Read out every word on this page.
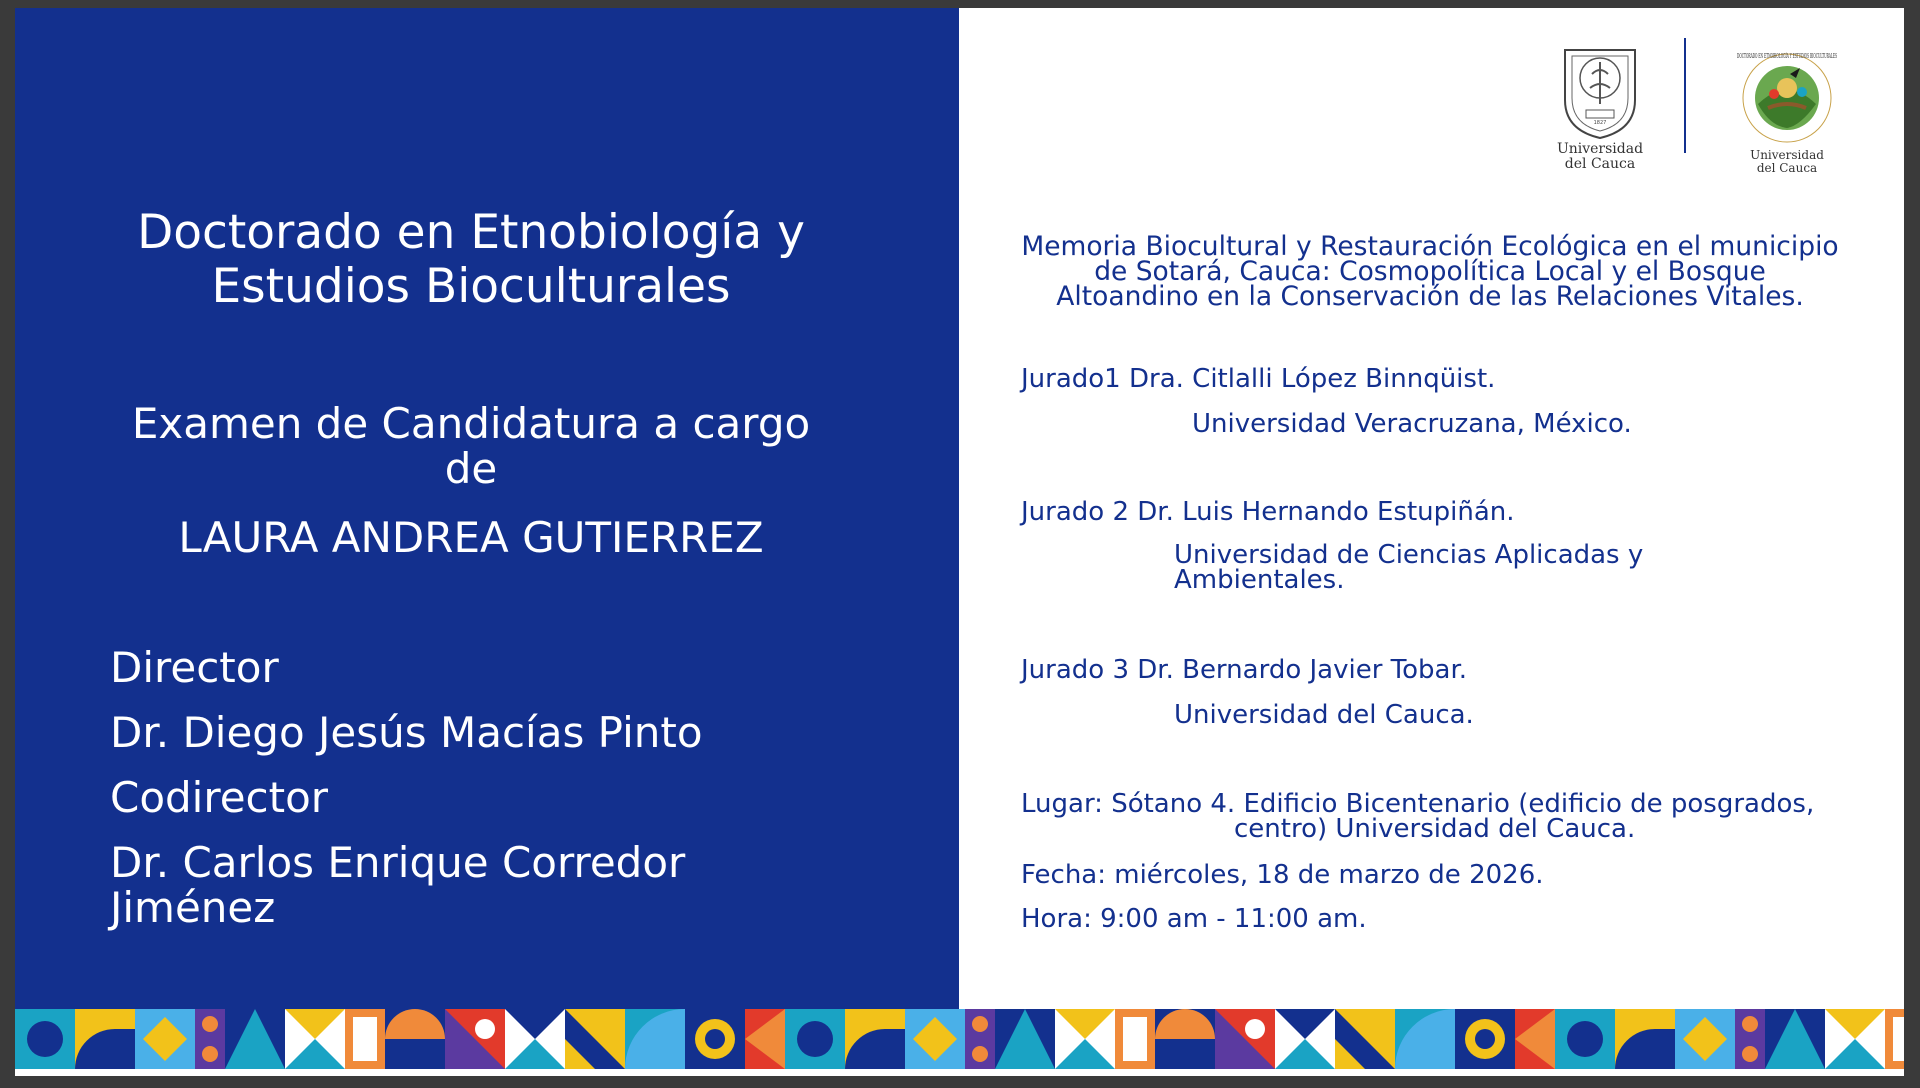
Doctorado en Etnobiología y
Estudios Bioculturales
Examen de Candidatura a cargo
de
LAURA ANDREA GUTIERREZ
Director
Dr. Diego Jesús Macías Pinto
Codirector
Dr. Carlos Enrique Corredor
Jiménez
1827
Universidad
del Cauca
DOCTORADO EN ETNOBIOLOGÍA Y ESTUDIOS BIOCULTURALES
Universidad
del Cauca
Memoria Biocultural y Restauración Ecológica en el municipio
de Sotará, Cauca: Cosmopolítica Local y el Bosque
Altoandino en la Conservación de las Relaciones Vitales.
Jurado1 Dra. Citlalli López Binnqüist.
Universidad Veracruzana, México.
Jurado 2 Dr. Luis Hernando Estupiñán.
Universidad de Ciencias Aplicadas y
Ambientales.
Jurado 3 Dr. Bernardo Javier Tobar.
Universidad del Cauca.
Lugar: Sótano 4. Edificio Bicentenario (edificio de posgrados,
centro) Universidad del Cauca.
Fecha: miércoles, 18 de marzo de 2026.
Hora: 9:00 am - 11:00 am.
